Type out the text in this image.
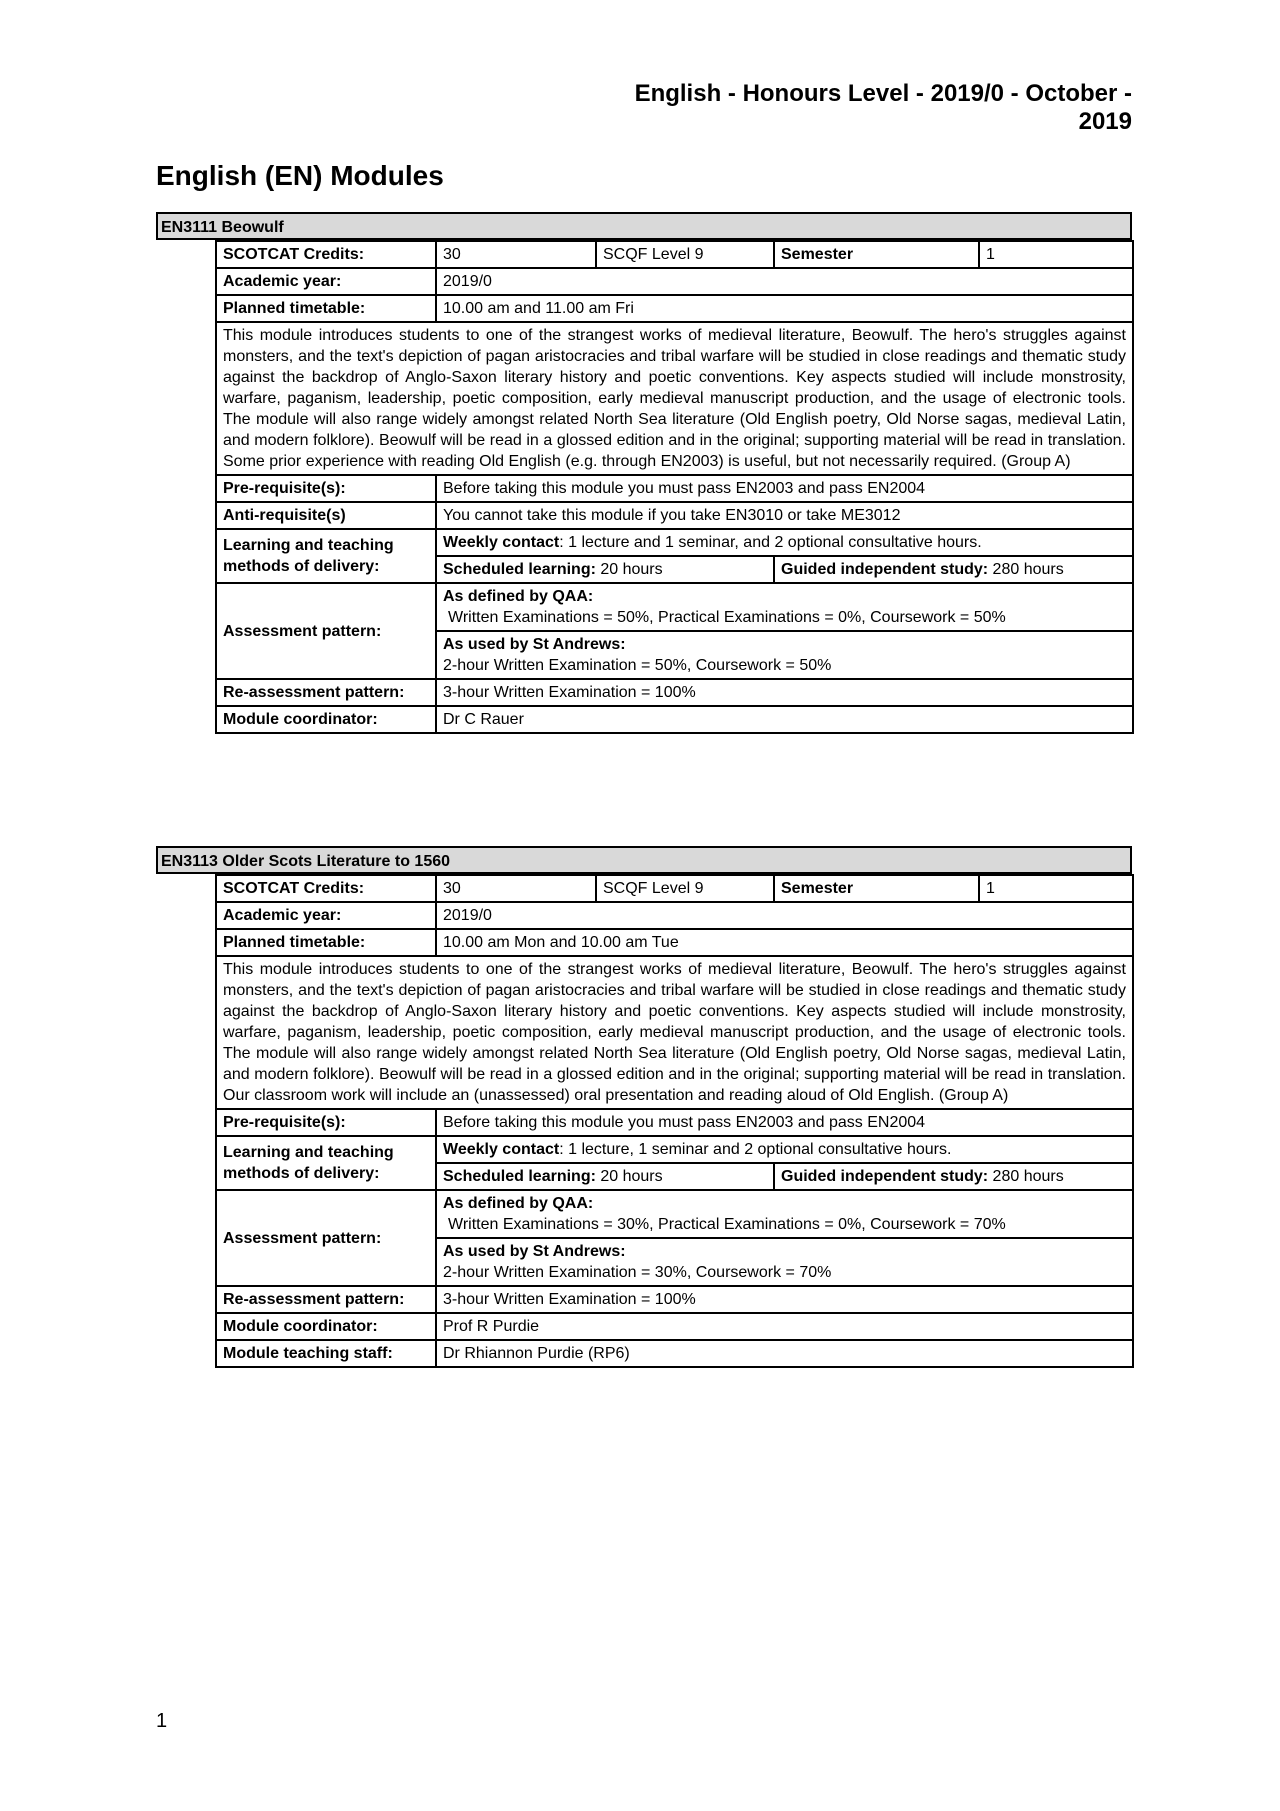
English - Honours Level - 2019/0 - October - 2019
English (EN) Modules
EN3111 Beowulf
SCOTCAT Credits:	30	SCQF Level 9	Semester	1
Academic year:	2019/0			
Planned timetable:	10.00 am and 11.00 am Fri			
This module introduces students to one of the strangest works of medieval literature, Beowulf. The hero's struggles against monsters, and the text's depiction of pagan aristocracies and tribal warfare will be studied in close readings and thematic study against the backdrop of Anglo-Saxon literary history and poetic conventions. Key aspects studied will include monstrosity, warfare, paganism, leadership, poetic composition, early medieval manuscript production, and the usage of electronic tools. The module will also range widely amongst related North Sea literature (Old English poetry, Old Norse sagas, medieval Latin, and modern folklore). Beowulf will be read in a glossed edition and in the original; supporting material will be read in translation. Some prior experience with reading Old English (e.g. through EN2003) is useful, but not necessarily required. (Group A)				
Pre-requisite(s):	Before taking this module you must pass EN2003 and pass EN2004			
Anti-requisite(s)	You cannot take this module if you take EN3010 or take ME3012			
Learning and teaching
methods of delivery:	Weekly contact: 1 lecture and 1 seminar, and 2 optional consultative hours.			
	Scheduled learning: 20 hours		Guided independent study: 280 hours	
Assessment pattern:	As defined by QAA:
Written Examinations = 50%, Practical Examinations = 0%, Coursework = 50%			
	As used by St Andrews:
2-hour Written Examination = 50%, Coursework = 50%			
Re-assessment pattern:	3-hour Written Examination = 100%			
Module coordinator:	Dr C Rauer			
EN3113 Older Scots Literature to 1560
SCOTCAT Credits:	30	SCQF Level 9	Semester	1
Academic year:	2019/0			
Planned timetable:	10.00 am Mon and 10.00 am Tue			
This module introduces students to one of the strangest works of medieval literature, Beowulf. The hero's struggles against monsters, and the text's depiction of pagan aristocracies and tribal warfare will be studied in close readings and thematic study against the backdrop of Anglo-Saxon literary history and poetic conventions. Key aspects studied will include monstrosity, warfare, paganism, leadership, poetic composition, early medieval manuscript production, and the usage of electronic tools. The module will also range widely amongst related North Sea literature (Old English poetry, Old Norse sagas, medieval Latin, and modern folklore). Beowulf will be read in a glossed edition and in the original; supporting material will be read in translation. Our classroom work will include an (unassessed) oral presentation and reading aloud of Old English. (Group A)				
Pre-requisite(s):	Before taking this module you must pass EN2003 and pass EN2004			
Learning and teaching
methods of delivery:	Weekly contact: 1 lecture, 1 seminar and 2 optional consultative hours.			
	Scheduled learning: 20 hours		Guided independent study: 280 hours	
Assessment pattern:	As defined by QAA:
Written Examinations = 30%, Practical Examinations = 0%, Coursework = 70%			
	As used by St Andrews:
2-hour Written Examination = 30%, Coursework = 70%			
Re-assessment pattern:	3-hour Written Examination = 100%			
Module coordinator:	Prof R Purdie			
Module teaching staff:	Dr Rhiannon Purdie (RP6)			
1
